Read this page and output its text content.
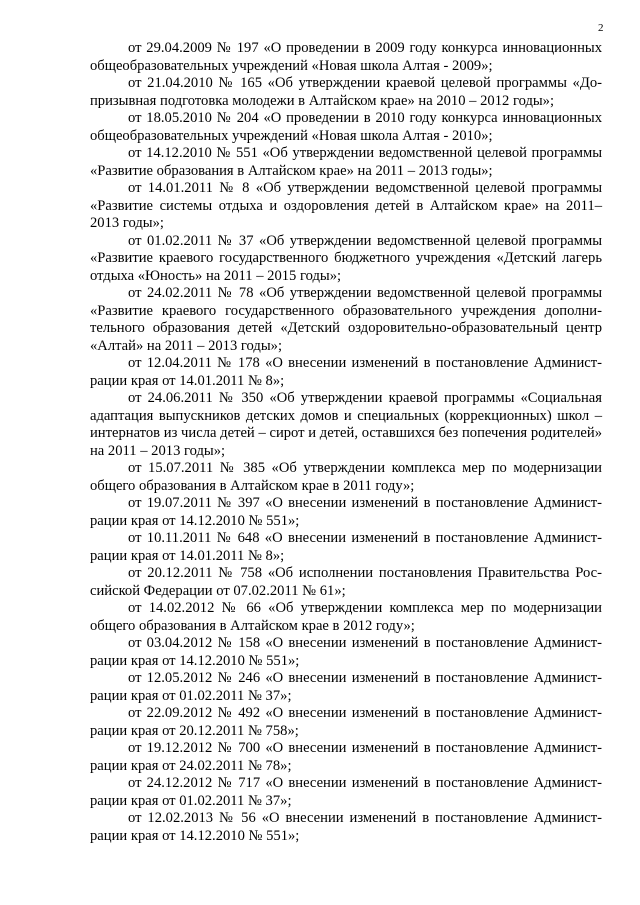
2

от 29.04.2009 № 197 «О проведении в 2009 году конкурса инновационных общеобразовательных учреждений «Новая школа Алтая - 2009»;

от 21.04.2010 № 165 «Об утверждении краевой целевой программы «Допризывная подготовка молодежи в Алтайском крае» на 2010 – 2012 годы»;

от 18.05.2010 № 204 «О проведении в 2010 году конкурса инновационных общеобразовательных учреждений «Новая школа Алтая - 2010»;

от 14.12.2010 № 551 «Об утверждении ведомственной целевой программы «Развитие образования в Алтайском крае» на 2011 – 2013 годы»;

от 14.01.2011 № 8 «Об утверждении ведомственной целевой программы «Развитие системы отдыха и оздоровления детей в Алтайском крае» на 2011–2013 годы»;

от 01.02.2011 № 37 «Об утверждении ведомственной целевой программы «Развитие краевого государственного бюджетного учреждения «Детский лагерь отдыха «Юность» на 2011 – 2015 годы»;

от 24.02.2011 № 78 «Об утверждении ведомственной целевой программы «Развитие краевого государственного образовательного учреждения дополнительного образования детей «Детский оздоровительно-образовательный центр «Алтай» на 2011 – 2013 годы»;

от 12.04.2011 № 178 «О внесении изменений в постановление Администрации края от 14.01.2011 № 8»;

от 24.06.2011 № 350 «Об утверждении краевой программы «Социальная адаптация выпускников детских домов и специальных (коррекционных) школ – интернатов из числа детей – сирот и детей, оставшихся без попечения родителей» на 2011 – 2013 годы»;

от 15.07.2011 № 385 «Об утверждении комплекса мер по модернизации общего образования в Алтайском крае в 2011 году»;

от 19.07.2011 № 397 «О внесении изменений в постановление Администрации края от 14.12.2010 № 551»;

от 10.11.2011 № 648 «О внесении изменений в постановление Администрации края от 14.01.2011 № 8»;

от 20.12.2011 № 758 «Об исполнении постановления Правительства Российской Федерации от 07.02.2011 № 61»;

от 14.02.2012 № 66 «Об утверждении комплекса мер по модернизации общего образования в Алтайском крае в 2012 году»;

от 03.04.2012 № 158 «О внесении изменений в постановление Администрации края от 14.12.2010 № 551»;

от 12.05.2012 № 246 «О внесении изменений в постановление Администрации края от 01.02.2011 № 37»;

от 22.09.2012 № 492 «О внесении изменений в постановление Администрации края от 20.12.2011 № 758»;

от 19.12.2012 № 700 «О внесении изменений в постановление Администрации края от 24.02.2011 № 78»;

от 24.12.2012 № 717 «О внесении изменений в постановление Администрации края от 01.02.2011 № 37»;

от 12.02.2013 № 56 «О внесении изменений в постановление Администрации края от 14.12.2010 № 551»;
